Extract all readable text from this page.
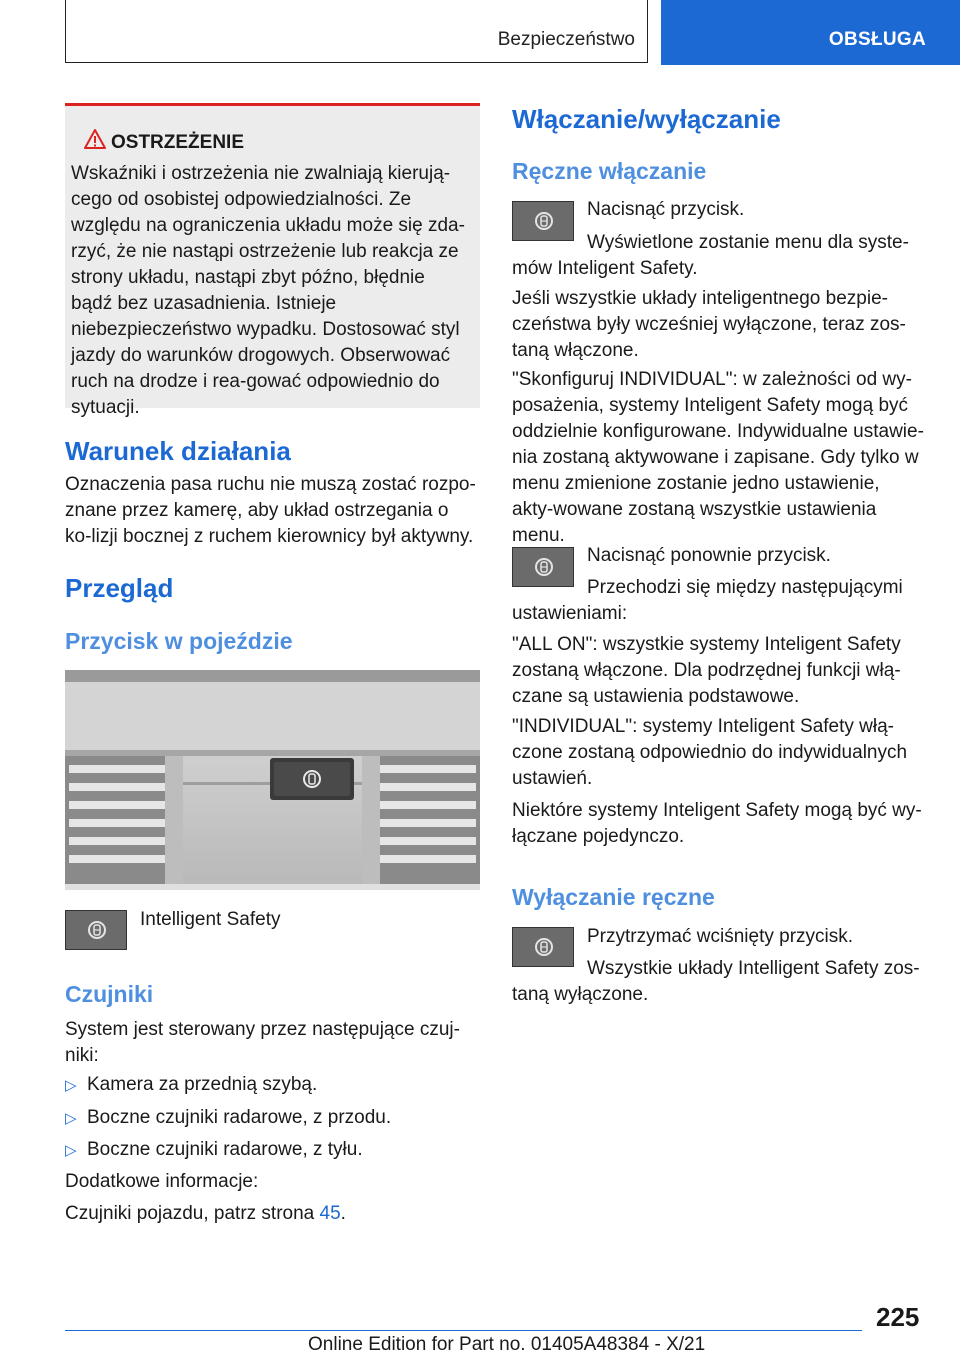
Bezpieczeństwo	OBSŁUGA
OSTRZEŻENIE
Wskaźniki i ostrzeżenia nie zwalniają kierują-cego od osobistej odpowiedzialności. Ze względu na ograniczenia układu może się zda-rzyć, że nie nastąpi ostrzeżenie lub reakcja ze strony układu, nastąpi zbyt późno, błędnie bądź bez uzasadnienia. Istnieje niebezpieczeństwo wypadku. Dostosować styl jazdy do warunków drogowych. Obserwować ruch na drodze i rea-gować odpowiednio do sytuacji.
Warunek działania
Oznaczenia pasa ruchu nie muszą zostać rozpo-znane przez kamerę, aby układ ostrzegania o ko-lizji bocznej z ruchem kierownicy był aktywny.
Przegląd
Przycisk w pojeździe
Intelligent Safety
Czujniki
System jest sterowany przez następujące czuj-niki:
▷ Kamera za przednią szybą.
▷ Boczne czujniki radarowe, z przodu.
▷ Boczne czujniki radarowe, z tyłu.
Dodatkowe informacje:
Czujniki pojazdu, patrz strona 45.
Włączanie/wyłączanie
Ręczne włączanie
Nacisnąć przycisk.
Wyświetlone zostanie menu dla syste-mów Inteligent Safety.
Jeśli wszystkie układy inteligentnego bezpie-czeństwa były wcześniej wyłączone, teraz zos-taną włączone.
"Skonfiguruj INDIVIDUAL": w zależności od wy-posażenia, systemy Inteligent Safety mogą być oddzielnie konfigurowane. Indywidualne ustawie-nia zostaną aktywowane i zapisane. Gdy tylko w menu zmienione zostanie jedno ustawienie, akty-wowane zostaną wszystkie ustawienia menu.
Nacisnąć ponownie przycisk.
Przechodzi się między następującymi ustawieniami:
"ALL ON": wszystkie systemy Inteligent Safety zostaną włączone. Dla podrzędnej funkcji włą-czane są ustawienia podstawowe.
"INDIVIDUAL": systemy Inteligent Safety włą-czone zostaną odpowiednio do indywidualnych ustawień.
Niektóre systemy Inteligent Safety mogą być wy-łączane pojedynczo.
Wyłączanie ręczne
Przytrzymać wciśnięty przycisk.
Wszystkie układy Intelligent Safety zos-taną wyłączone.
225
Online Edition for Part no. 01405A48384 - X/21
